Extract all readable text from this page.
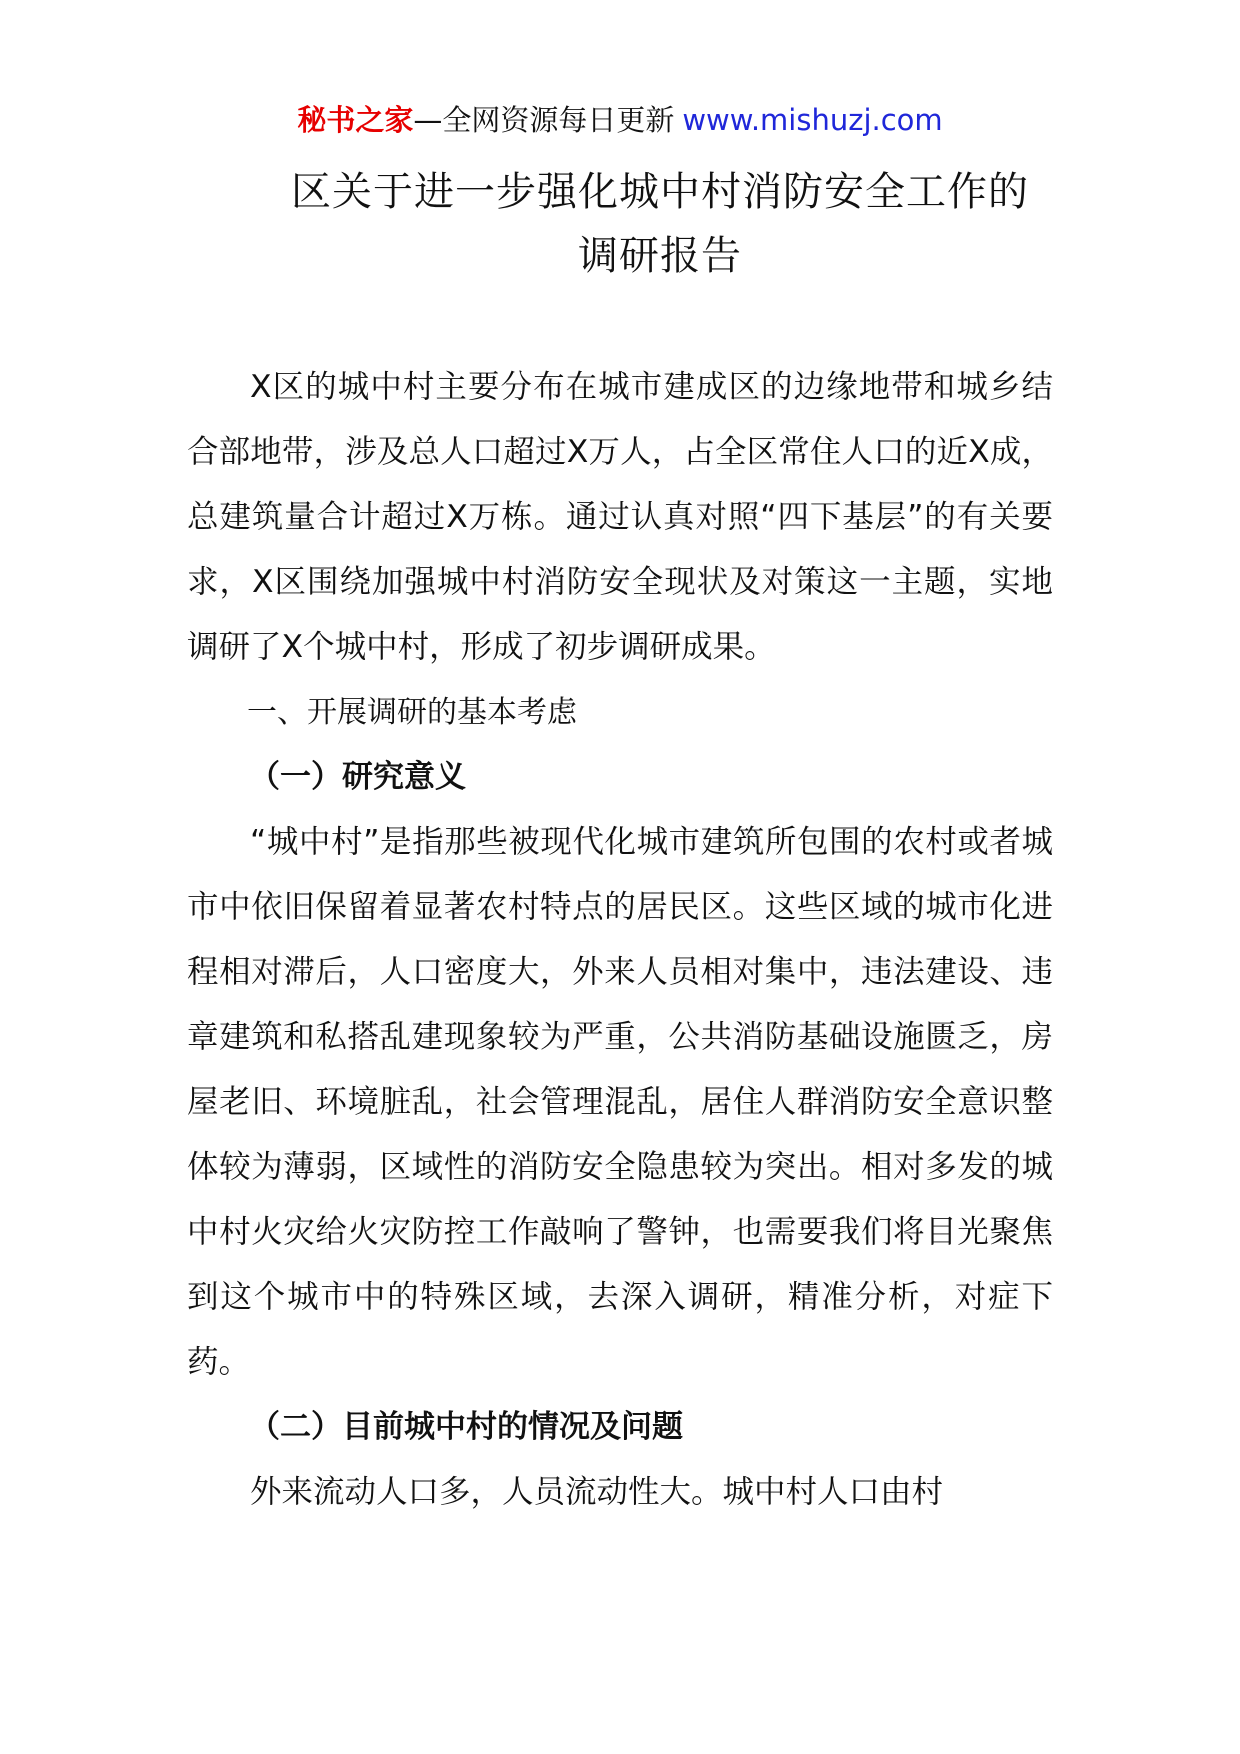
秘书之家—全网资源每日更新 www.mishuzj.com
区关于进一步强化城中村消防安全工作的
调研报告

X区的城中村主要分布在城市建成区的边缘地带和城乡结合部地带，涉及总人口超过X万人，占全区常住人口的近X成，总建筑量合计超过X万栋。通过认真对照“四下基层”的有关要求，X区围绕加强城中村消防安全现状及对策这一主题，实地调研了X个城中村，形成了初步调研成果。

一、开展调研的基本考虑

（一）研究意义

“城中村”是指那些被现代化城市建筑所包围的农村或者城市中依旧保留着显著农村特点的居民区。这些区域的城市化进程相对滞后，人口密度大，外来人员相对集中，违法建设、违章建筑和私搭乱建现象较为严重，公共消防基础设施匮乏，房屋老旧、环境脏乱，社会管理混乱，居住人群消防安全意识整体较为薄弱，区域性的消防安全隐患较为突出。相对多发的城中村火灾给火灾防控工作敲响了警钟，也需要我们将目光聚焦到这个城市中的特殊区域，去深入调研，精准分析，对症下药。

（二）目前城中村的情况及问题

外来流动人口多，人员流动性大。城中村人口由村
